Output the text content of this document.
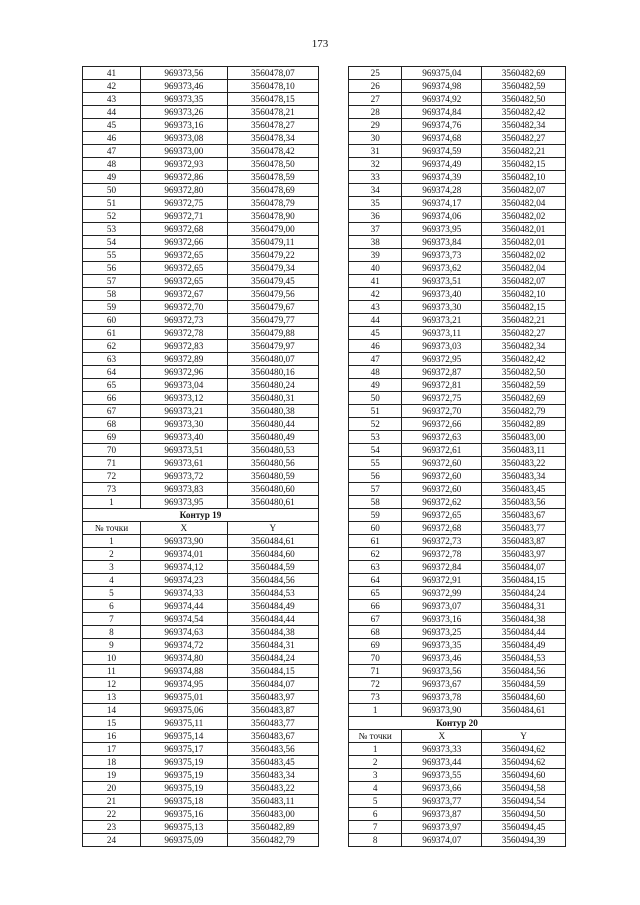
173
41	969373,56	3560478,07
42	969373,46	3560478,10
43	969373,35	3560478,15
44	969373,26	3560478,21
45	969373,16	3560478,27
46	969373,08	3560478,34
47	969373,00	3560478,42
48	969372,93	3560478,50
49	969372,86	3560478,59
50	969372,80	3560478,69
51	969372,75	3560478,79
52	969372,71	3560478,90
53	969372,68	3560479,00
54	969372,66	3560479,11
55	969372,65	3560479,22
56	969372,65	3560479,34
57	969372,65	3560479,45
58	969372,67	3560479,56
59	969372,70	3560479,67
60	969372,73	3560479,77
61	969372,78	3560479,88
62	969372,83	3560479,97
63	969372,89	3560480,07
64	969372,96	3560480,16
65	969373,04	3560480,24
66	969373,12	3560480,31
67	969373,21	3560480,38
68	969373,30	3560480,44
69	969373,40	3560480,49
70	969373,51	3560480,53
71	969373,61	3560480,56
72	969373,72	3560480,59
73	969373,83	3560480,60
1	969373,95	3560480,61
Контур 19		
№ точки	X	Y
1	969373,90	3560484,61
2	969374,01	3560484,60
3	969374,12	3560484,59
4	969374,23	3560484,56
5	969374,33	3560484,53
6	969374,44	3560484,49
7	969374,54	3560484,44
8	969374,63	3560484,38
9	969374,72	3560484,31
10	969374,80	3560484,24
11	969374,88	3560484,15
12	969374,95	3560484,07
13	969375,01	3560483,97
14	969375,06	3560483,87
15	969375,11	3560483,77
16	969375,14	3560483,67
17	969375,17	3560483,56
18	969375,19	3560483,45
19	969375,19	3560483,34
20	969375,19	3560483,22
21	969375,18	3560483,11
22	969375,16	3560483,00
23	969375,13	3560482,89
24	969375,09	3560482,79
25	969375,04	3560482,69
26	969374,98	3560482,59
27	969374,92	3560482,50
28	969374,84	3560482,42
29	969374,76	3560482,34
30	969374,68	3560482,27
31	969374,59	3560482,21
32	969374,49	3560482,15
33	969374,39	3560482,10
34	969374,28	3560482,07
35	969374,17	3560482,04
36	969374,06	3560482,02
37	969373,95	3560482,01
38	969373,84	3560482,01
39	969373,73	3560482,02
40	969373,62	3560482,04
41	969373,51	3560482,07
42	969373,40	3560482,10
43	969373,30	3560482,15
44	969373,21	3560482,21
45	969373,11	3560482,27
46	969373,03	3560482,34
47	969372,95	3560482,42
48	969372,87	3560482,50
49	969372,81	3560482,59
50	969372,75	3560482,69
51	969372,70	3560482,79
52	969372,66	3560482,89
53	969372,63	3560483,00
54	969372,61	3560483,11
55	969372,60	3560483,22
56	969372,60	3560483,34
57	969372,60	3560483,45
58	969372,62	3560483,56
59	969372,65	3560483,67
60	969372,68	3560483,77
61	969372,73	3560483,87
62	969372,78	3560483,97
63	969372,84	3560484,07
64	969372,91	3560484,15
65	969372,99	3560484,24
66	969373,07	3560484,31
67	969373,16	3560484,38
68	969373,25	3560484,44
69	969373,35	3560484,49
70	969373,46	3560484,53
71	969373,56	3560484,56
72	969373,67	3560484,59
73	969373,78	3560484,60
1	969373,90	3560484,61
Контур 20		
№ точки	X	Y
1	969373,33	3560494,62
2	969373,44	3560494,62
3	969373,55	3560494,60
4	969373,66	3560494,58
5	969373,77	3560494,54
6	969373,87	3560494,50
7	969373,97	3560494,45
8	969374,07	3560494,39
